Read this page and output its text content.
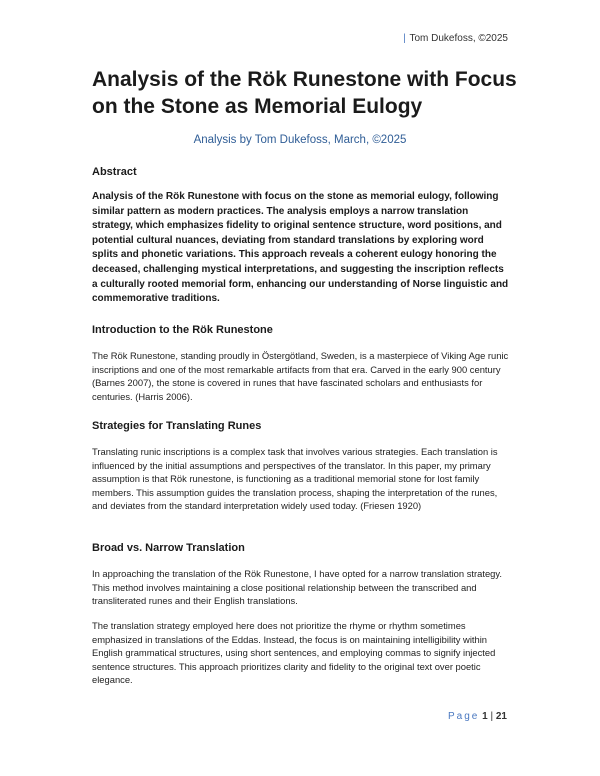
| Tom Dukefoss, ©2025
Analysis of the Rök Runestone with Focus on the Stone as Memorial Eulogy
Analysis by Tom Dukefoss, March, ©2025
Abstract
Analysis of the Rök Runestone with focus on the stone as memorial eulogy, following similar pattern as modern practices. The analysis employs a narrow translation strategy, which emphasizes fidelity to original sentence structure, word positions, and potential cultural nuances, deviating from standard translations by exploring word splits and phonetic variations. This approach reveals a coherent eulogy honoring the deceased, challenging mystical interpretations, and suggesting the inscription reflects a culturally rooted memorial form, enhancing our understanding of Norse linguistic and commemorative traditions.
Introduction to the Rök Runestone
The Rök Runestone, standing proudly in Östergötland, Sweden, is a masterpiece of Viking Age runic inscriptions and one of the most remarkable artifacts from that era. Carved in the early 900 century (Barnes 2007), the stone is covered in runes that have fascinated scholars and enthusiasts for centuries. (Harris 2006).
Strategies for Translating Runes
Translating runic inscriptions is a complex task that involves various strategies. Each translation is influenced by the initial assumptions and perspectives of the translator. In this paper, my primary assumption is that Rök runestone, is functioning as a traditional memorial stone for lost family members. This assumption guides the translation process, shaping the interpretation of the runes, and deviates from the standard interpretation widely used today. (Friesen 1920)
Broad vs. Narrow Translation
In approaching the translation of the Rök Runestone, I have opted for a narrow translation strategy. This method involves maintaining a close positional relationship between the transcribed and transliterated runes and their English translations.
The translation strategy employed here does not prioritize the rhyme or rhythm sometimes emphasized in translations of the Eddas. Instead, the focus is on maintaining intelligibility within English grammatical structures, using short sentences, and employing commas to signify injected sentence structures. This approach prioritizes clarity and fidelity to the original text over poetic elegance.
Page 1 | 21
